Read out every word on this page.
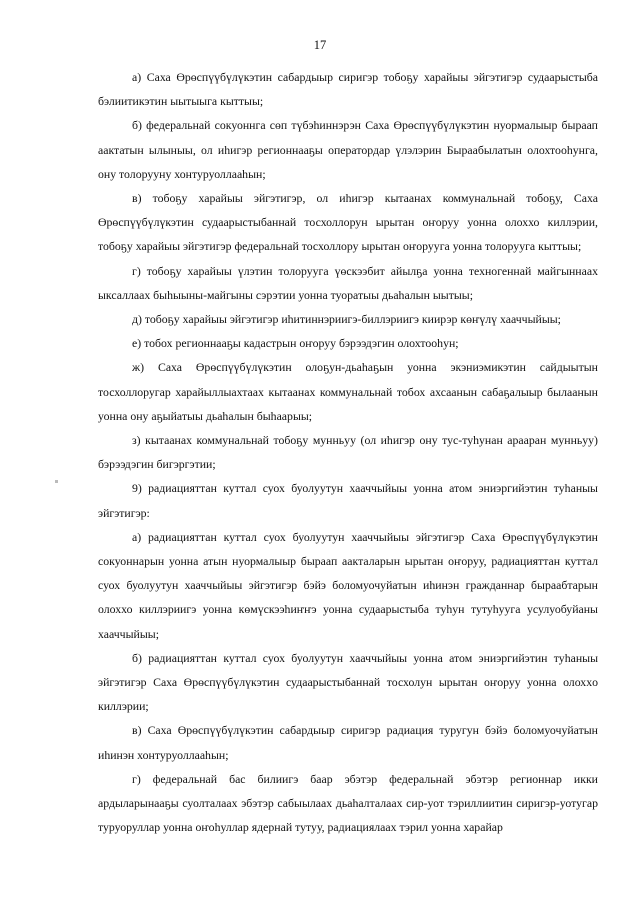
17

а) Саха Өрөспүүбүлүкэтин сабардыыр сиригэр тобоҕу харайыы эйгэтигэр судаарыстыба бэлиитикэтин ыытыыга кыттыы;

б) федеральнай сокуоннга сөп түбэhиннэрэн Саха Өрөспүүбүлүкэтин нуормалыыр быраап аактатын ылыныы, ол иhигэр регионнааҕы оператордар үлэлэрин Быраабылатын олохтооhунга, ону толорууну хонтуруоллааhын;

в) тобоҕу харайыы эйгэтигэр, ол иhигэр кытаанах коммунальнай тобоҕу, Саха Өрөспүүбүлүкэтин судаарыстыбаннай тосхоллорун ырытан оҥоруу уонна олоххо киллэрии, тобоҕу харайыы эйгэтигэр федеральнай тосхоллору ырытан оҥорууга уонна толорууга кыттыы;

г) тобоҕу харайыы үлэтин толорууга үөскээбит айылҕа уонна техногеннай майгыннаах ыксаллаах быhыыны-майгыны сэрэтии уонна туоратыы дьаhалын ыытыы;

д) тобоҕу харайыы эйгэтигэр иhитиннэриигэ-биллэриигэ киирэр көҥүлү хааччыйыы;

е) тобох регионнааҕы кадастрын оҥоруу бэрээдэгин олохтооhун;

ж) Саха Өрөспүүбүлүкэтин олоҕун-дьаhаҕын уонна экэниэмикэтин сайдыытын тосхоллоругар харайыллыахтаах кытаанах коммунальнай тобох ахсаанын сабаҕалыыр былаанын уонна ону аҕыйатыы дьаhалын быhаарыы;

з) кытаанах коммунальнай тобоҕу мунньуу (ол иhигэр ону тус-туhунан арааран мунньуу) бэрээдэгин бигэргэтии;

9) радиацияттан куттал суох буолуутун хааччыйыы уонна атом эниэргийэтин туhаныы эйгэтигэр:

а) радиацияттан куттал суох буолуутун хааччыйыы эйгэтигэр Саха Өрөспүүбүлүкэтин сокуоннарын уонна атын нуормалыыр быраап аакталарын ырытан оҥоруу, радиацияттан куттал суох буолуутун хааччыйыы эйгэтигэр бэйэ боломуочуйатын иhинэн гражданнар быраабтарын олоххо киллэриигэ уонна көмүскээhиҥҥэ уонна судаарыстыба туhун тутуhууга усулуобуйаны хааччыйыы;

б) радиацияттан куттал суох буолуутун хааччыйыы уонна атом эниэргийэтин туhаныы эйгэтигэр Саха Өрөспүүбүлүкэтин судаарыстыбаннай тосхолун ырытан оҥоруу уонна олохxo киллэрии;

в) Саха Өрөспүүбүлүкэтин сабардыыр сиригэр радиация туругун бэйэ боломуочуйатын иhинэн хонтуруоллааhын;

г) федеральнай бас билиигэ баар эбэтэр федеральнай эбэтэр регионнар икки ардыларынааҕы суолталаах эбэтэр сабыылаах дьаhалталаах сир-уот тэриллиитин сиригэр-уотугар туруоруллар уонна оҥоhуллар ядернай тутуу, радиациялаах тэрил уонна харайар
